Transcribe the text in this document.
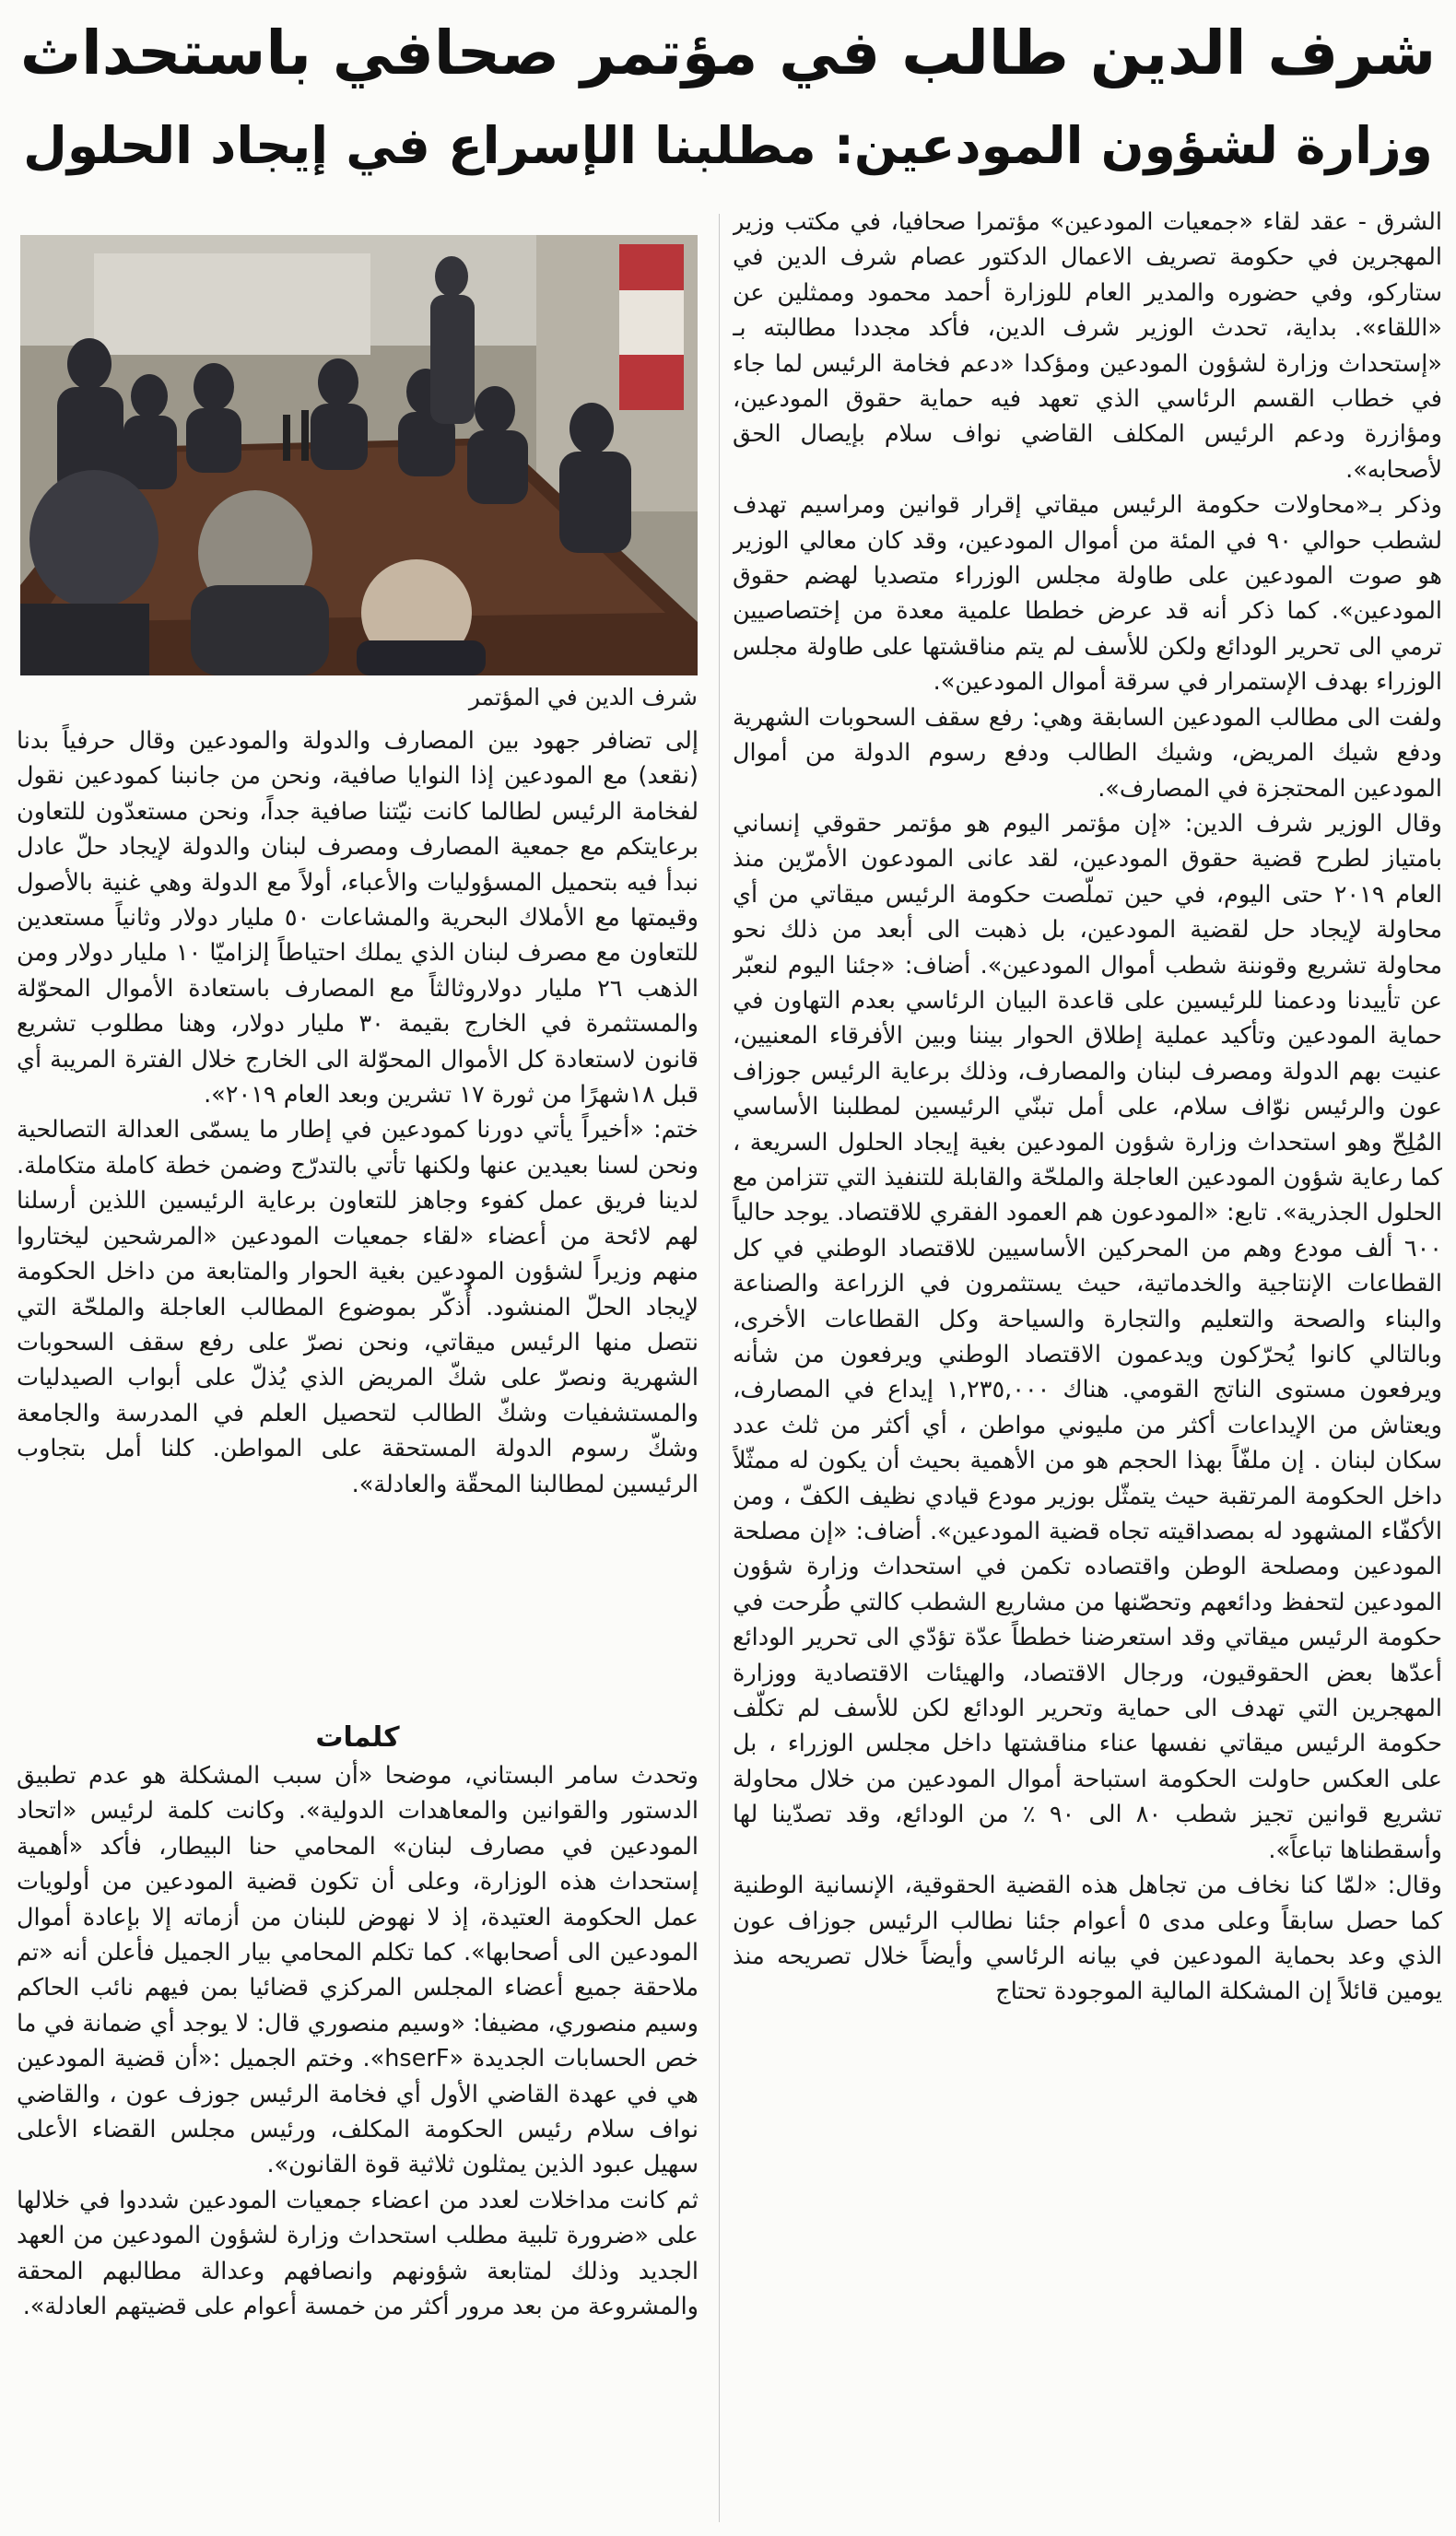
شرف الدين طالب في مؤتمر صحافي باستحداث
وزارة لشؤون المودعين: مطلبنا الإسراع في إيجاد الحلول

الشرق - عقد لقاء «جمعيات المودعين» مؤتمرا صحافيا، في مكتب وزير المهجرين في حكومة تصريف الاعمال الدكتور عصام شرف الدين في ستاركو، وفي حضوره والمدير العام للوزارة أحمد محمود وممثلين عن «اللقاء». بداية، تحدث الوزير شرف الدين، فأكد مجددا مطالبته بـ «إستحداث وزارة لشؤون المودعين ومؤكدا «دعم فخامة الرئيس لما جاء في خطاب القسم الرئاسي الذي تعهد فيه حماية حقوق المودعين، ومؤازرة ودعم الرئيس المكلف القاضي نواف سلام بإيصال الحق لأصحابه».

وذكر بـ«محاولات حكومة الرئيس ميقاتي إقرار قوانين ومراسيم تهدف لشطب حوالي ٩٠ في المئة من أموال المودعين، وقد كان معالي الوزير هو صوت المودعين على طاولة مجلس الوزراء متصديا لهضم حقوق المودعين». كما ذكر أنه قد عرض خططا علمية معدة من إختصاصيين ترمي الى تحرير الودائع ولكن للأسف لم يتم مناقشتها على طاولة مجلس الوزراء بهدف الإستمرار في سرقة أموال المودعين».

ولفت الى مطالب المودعين السابقة وهي: رفع سقف السحوبات الشهرية ودفع شيك المريض، وشيك الطالب ودفع رسوم الدولة من أموال المودعين المحتجزة في المصارف».

وقال الوزير شرف الدين: «إن مؤتمر اليوم هو مؤتمر حقوقي إنساني بامتياز لطرح قضية حقوق المودعين، لقد عانى المودعون الأمرّين منذ العام ٢٠١٩ حتى اليوم، في حين تملّصت حكومة الرئيس ميقاتي من أي محاولة لإيجاد حل لقضية المودعين، بل ذهبت الى أبعد من ذلك نحو محاولة تشريع وقوننة شطب أموال المودعين». أضاف: «جئنا اليوم لنعبّر عن تأييدنا ودعمنا للرئيسين على قاعدة البيان الرئاسي بعدم التهاون في حماية المودعين وتأكيد عملية إطلاق الحوار بيننا وبين الأفرقاء المعنيين، عنيت بهم الدولة ومصرف لبنان والمصارف، وذلك برعاية الرئيس جوزاف عون والرئيس نوّاف سلام، على أمل تبنّي الرئيسين لمطلبنا الأساسي المُلِحّ وهو استحداث وزارة شؤون المودعين بغية إيجاد الحلول السريعة ، كما رعاية شؤون المودعين العاجلة والملحّة والقابلة للتنفيذ التي تتزامن مع الحلول الجذرية». تابع: «المودعون هم العمود الفقري للاقتصاد. يوجد حالياً ٦٠٠ ألف مودع وهم من المحركين الأساسيين للاقتصاد الوطني في كل القطاعات الإنتاجية والخدماتية، حيث يستثمرون في الزراعة والصناعة والبناء والصحة والتعليم والتجارة والسياحة وكل القطاعات الأخرى، وبالتالي كانوا يُحرّكون ويدعمون الاقتصاد الوطني ويرفعون من شأنه ويرفعون مستوى الناتج القومي. هناك ١,٢٣٥,٠٠٠ إيداع في المصارف، ويعتاش من الإيداعات أكثر من مليوني مواطن ، أي أكثر من ثلث عدد سكان لبنان . إن ملفّاً بهذا الحجم هو من الأهمية بحيث أن يكون له ممثّلاً داخل الحكومة المرتقبة حيث يتمثّل بوزير مودع قيادي نظيف الكفّ ، ومن الأكفّاء المشهود له بمصداقيته تجاه قضية المودعين». أضاف: «إن مصلحة المودعين ومصلحة الوطن واقتصاده تكمن في استحداث وزارة شؤون المودعين لتحفظ ودائعهم وتحصّنها من مشاريع الشطب كالتي طُرحت في حكومة الرئيس ميقاتي وقد استعرضنا خططاً عدّة تؤدّي الى تحرير الودائع أعدّها بعض الحقوقيون، ورجال الاقتصاد، والهيئات الاقتصادية ووزارة المهجرين التي تهدف الى حماية وتحرير الودائع لكن للأسف لم تكلّف حكومة الرئيس ميقاتي نفسها عناء مناقشتها داخل مجلس الوزراء ، بل على العكس حاولت الحكومة استباحة أموال المودعين من خلال محاولة تشريع قوانين تجيز شطب ٨٠ الى ٩٠ ٪ من الودائع، وقد تصدّينا لها وأسقطناها تباعاً».

وقال: «لمّا كنا نخاف من تجاهل هذه القضية الحقوقية، الإنسانية الوطنية كما حصل سابقاً وعلى مدى ٥ أعوام جئنا نطالب الرئيس جوزاف عون الذي وعد بحماية المودعين في بيانه الرئاسي وأيضاً خلال تصريحه منذ يومين قائلاً إن المشكلة المالية الموجودة تحتاج

شرف الدين في المؤتمر

إلى تضافر جهود بين المصارف والدولة والمودعين وقال حرفياً بدنا (نقعد) مع المودعين إذا النوايا صافية، ونحن من جانبنا كمودعين نقول لفخامة الرئيس لطالما كانت نيّتنا صافية جداً، ونحن مستعدّون للتعاون برعايتكم مع جمعية المصارف ومصرف لبنان والدولة لإيجاد حلّ عادل نبدأ فيه بتحميل المسؤوليات والأعباء، أولاً مع الدولة وهي غنية بالأصول وقيمتها مع الأملاك البحرية والمشاعات ٥٠ مليار دولار وثانياً مستعدين للتعاون مع مصرف لبنان الذي يملك احتياطاً إلزاميّا ١٠ مليار دولار ومن الذهب ٢٦ مليار دولاروثالثاً مع المصارف باستعادة الأموال المحوّلة والمستثمرة في الخارج بقيمة ٣٠ مليار دولار، وهنا مطلوب تشريع قانون لاستعادة كل الأموال المحوّلة الى الخارج خلال الفترة المريبة أي قبل ١٨شهرًا من ثورة ١٧ تشرين وبعد العام ٢٠١٩».

ختم: «أخيراً يأتي دورنا كمودعين في إطار ما يسمّى العدالة التصالحية ونحن لسنا بعيدين عنها ولكنها تأتي بالتدرّج وضمن خطة كاملة متكاملة. لدينا فريق عمل كفوء وجاهز للتعاون برعاية الرئيسين اللذين أرسلنا لهم لائحة من أعضاء «لقاء جمعيات المودعين «المرشحين ليختاروا منهم وزيراً لشؤون المودعين بغية الحوار والمتابعة من داخل الحكومة لإيجاد الحلّ المنشود. أُذكّر بموضوع المطالب العاجلة والملحّة التي نتصل منها الرئيس ميقاتي، ونحن نصرّ على رفع سقف السحوبات الشهرية ونصرّ على شكّ المريض الذي يُذلّ على أبواب الصيدليات والمستشفيات وشكّ الطالب لتحصيل العلم في المدرسة والجامعة وشكّ رسوم الدولة المستحقة على المواطن. كلنا أمل بتجاوب الرئيسين لمطالبنا المحقّة والعادلة».

كلمات

وتحدث سامر البستاني، موضحا «أن سبب المشكلة هو عدم تطبيق الدستور والقوانين والمعاهدات الدولية». وكانت كلمة لرئيس «اتحاد المودعين في مصارف لبنان» المحامي حنا البيطار، فأكد «أهمية إستحداث هذه الوزارة، وعلى أن تكون قضية المودعين من أولويات عمل الحكومة العتيدة، إذ لا نهوض للبنان من أزماته إلا بإعادة أموال المودعين الى أصحابها». كما تكلم المحامي بيار الجميل فأعلن أنه «تم ملاحقة جميع أعضاء المجلس المركزي قضائيا بمن فيهم نائب الحاكم وسيم منصوري، مضيفا: «وسيم منصوري قال: لا يوجد أي ضمانة في ما خص الحسابات الجديدة «hserF». وختم الجميل :«أن قضية المودعين هي في عهدة القاضي الأول أي فخامة الرئيس جوزف عون ، والقاضي نواف سلام رئيس الحكومة المكلف، ورئيس مجلس القضاء الأعلى سهيل عبود الذين يمثلون ثلاثية قوة القانون».

ثم كانت مداخلات لعدد من اعضاء جمعيات المودعين شددوا في خلالها على «ضرورة تلبية مطلب استحداث وزارة لشؤون المودعين من العهد الجديد وذلك لمتابعة شؤونهم وانصافهم وعدالة مطالبهم المحقة والمشروعة من بعد مرور أكثر من خمسة أعوام على قضيتهم العادلة».
